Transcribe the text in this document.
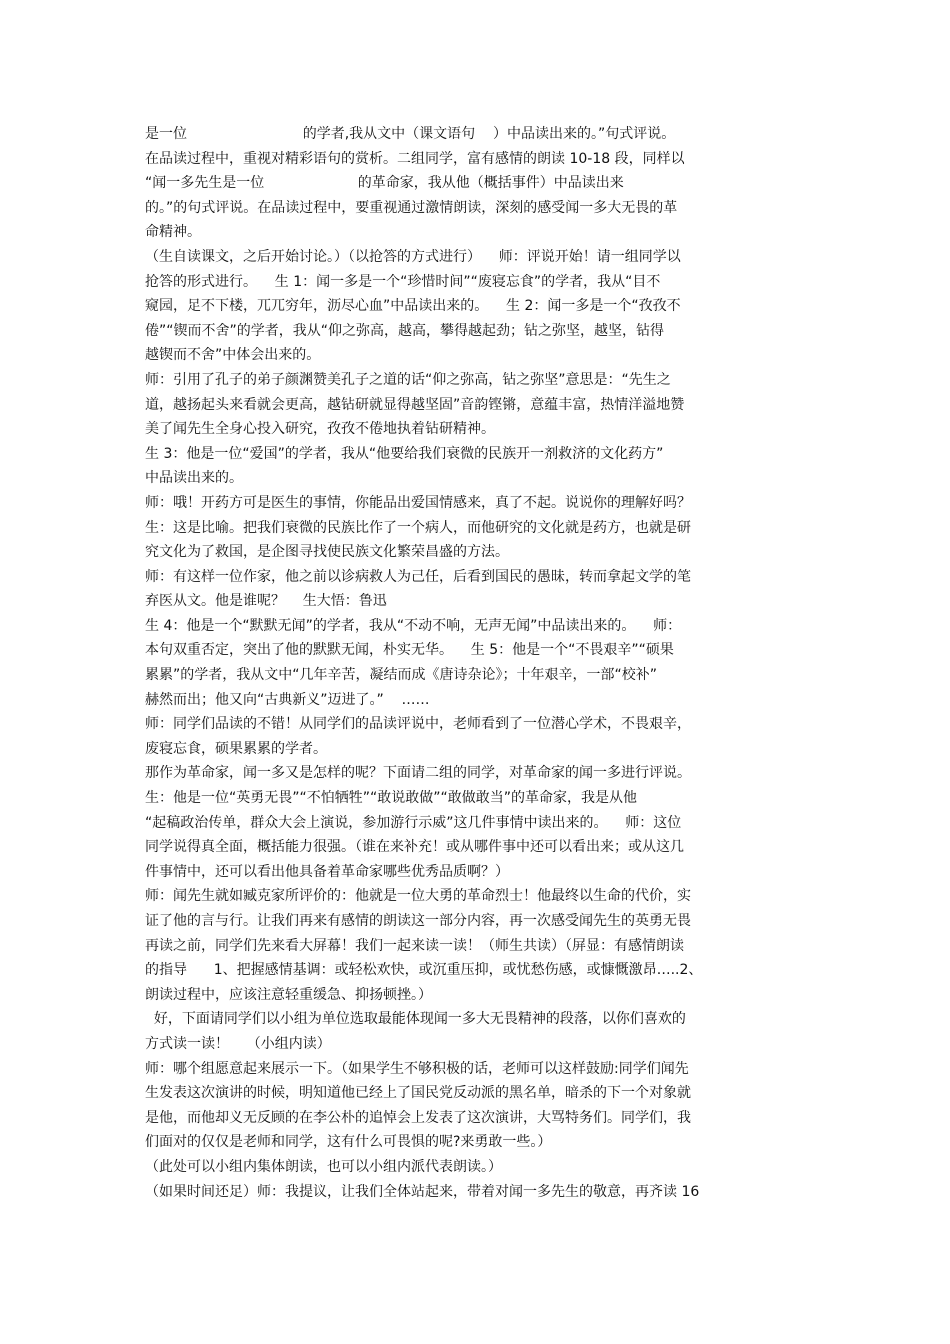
是一位                          的学者,我从文中（课文语句    ）中品读出来的。”句式评说。
在品读过程中，重视对精彩语句的赏析。二组同学，富有感情的朗读 10-18 段，同样以
“闻一多先生是一位                     的革命家，我从他（概括事件）中品读出来
的。”的句式评说。在品读过程中，要重视通过激情朗读，深刻的感受闻一多大无畏的革
命精神。
（生自读课文，之后开始讨论。）（以抢答的方式进行）    师：评说开始！请一组同学以
抢答的形式进行。    生 1：闻一多是一个“珍惜时间”“废寝忘食”的学者，我从“目不
窥园，足不下楼，兀兀穷年，沥尽心血”中品读出来的。    生 2：闻一多是一个“孜孜不
倦”“锲而不舍”的学者，我从“仰之弥高，越高，攀得越起劲；钻之弥坚，越坚，钻得
越锲而不舍”中体会出来的。
师：引用了孔子的弟子颜渊赞美孔子之道的话“仰之弥高，钻之弥坚”意思是：“先生之
道，越扬起头来看就会更高，越钻研就显得越坚固”音韵铿锵，意蕴丰富，热情洋溢地赞
美了闻先生全身心投入研究，孜孜不倦地执着钻研精神。
生 3：他是一位“爱国”的学者，我从“他要给我们衰微的民族开一剂救济的文化药方”
中品读出来的。
师：哦！开药方可是医生的事情，你能品出爱国情感来，真了不起。说说你的理解好吗？
生：这是比喻。把我们衰微的民族比作了一个病人，而他研究的文化就是药方，也就是研
究文化为了救国，是企图寻找使民族文化繁荣昌盛的方法。
师：有这样一位作家，他之前以诊病救人为己任，后看到国民的愚昧，转而拿起文学的笔
弃医从文。他是谁呢？    生大悟：鲁迅
生 4：他是一个“默默无闻”的学者，我从“不动不响，无声无闻”中品读出来的。    师：
本句双重否定，突出了他的默默无闻，朴实无华。    生 5：他是一个“不畏艰辛”“硕果
累累”的学者，我从文中“几年辛苦，凝结而成《唐诗杂论》；十年艰辛，一部“校补”
赫然而出；他又向“古典新义”迈进了。”    ……
师：同学们品读的不错！从同学们的品读评说中，老师看到了一位潜心学术，不畏艰辛，
废寝忘食，硕果累累的学者。
那作为革命家，闻一多又是怎样的呢？下面请二组的同学，对革命家的闻一多进行评说。
生：他是一位“英勇无畏”“不怕牺牲”“敢说敢做”“敢做敢当”的革命家，我是从他
“起稿政治传单，群众大会上演说，参加游行示威”这几件事情中读出来的。    师：这位
同学说得真全面，概括能力很强。（谁在来补充！或从哪件事中还可以看出来；或从这几
件事情中，还可以看出他具备着革命家哪些优秀品质啊？）
师：闻先生就如臧克家所评价的：他就是一位大勇的革命烈士！他最终以生命的代价，实
证了他的言与行。让我们再来有感情的朗读这一部分内容，再一次感受闻先生的英勇无畏
再读之前，同学们先来看大屏幕！我们一起来读一读！（师生共读）（屏显：有感情朗读
的指导      1、把握感情基调：或轻松欢快，或沉重压抑，或忧愁伤感，或慷慨激昂…..2、
朗读过程中，应该注意轻重缓急、抑扬顿挫。）
好，下面请同学们以小组为单位选取最能体现闻一多大无畏精神的段落，以你们喜欢的
方式读一读！    （小组内读）
师：哪个组愿意起来展示一下。（如果学生不够积极的话，老师可以这样鼓励:同学们闻先
生发表这次演讲的时候，明知道他已经上了国民党反动派的黑名单，暗杀的下一个对象就
是他，而他却义无反顾的在李公朴的追悼会上发表了这次演讲，大骂特务们。同学们，我
们面对的仅仅是老师和同学，这有什么可畏惧的呢?来勇敢一些。）
（此处可以小组内集体朗读，也可以小组内派代表朗读。）
（如果时间还足）师：我提议，让我们全体站起来，带着对闻一多先生的敬意，再齐读 16
